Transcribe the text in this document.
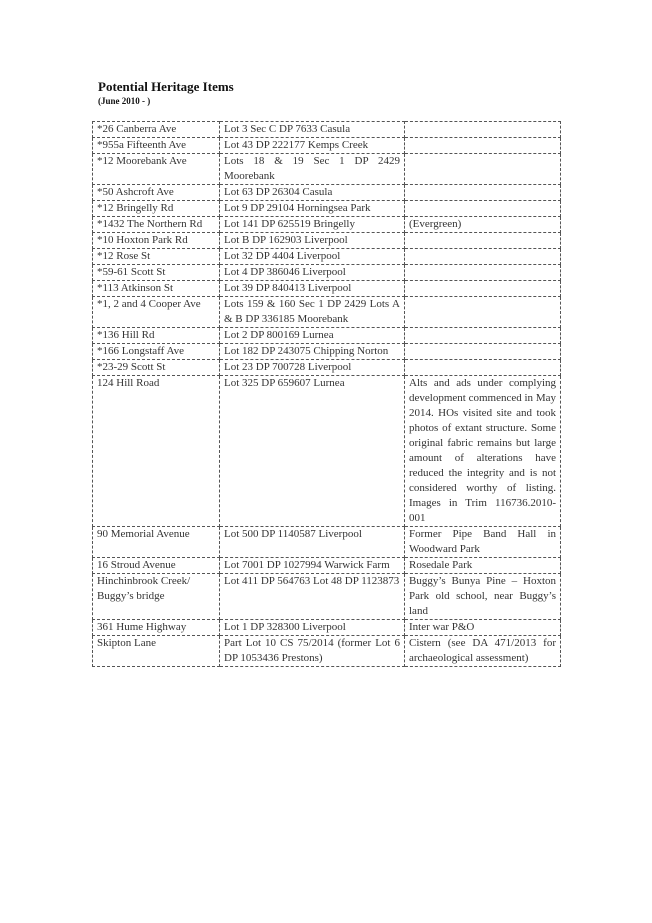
Potential Heritage Items

(June 2010 - )

*26 Canberra Ave	Lot 3 Sec C DP 7633 Casula	
*955a Fifteenth Ave	Lot 43 DP 222177 Kemps Creek	
*12 Moorebank Ave	Lots 18 & 19 Sec 1 DP 2429 Moorebank	
*50 Ashcroft Ave	Lot 63 DP 26304 Casula	
*12 Bringelly Rd	Lot 9 DP 29104 Horningsea Park	
*1432 The Northern Rd	Lot 141 DP 625519 Bringelly	(Evergreen)
*10 Hoxton Park Rd	Lot B DP 162903 Liverpool	
*12 Rose St	Lot 32 DP 4404 Liverpool	
*59-61 Scott St	Lot 4 DP 386046 Liverpool	
*113 Atkinson St	Lot 39 DP 840413 Liverpool	
*1, 2 and 4 Cooper Ave	Lots 159 & 160 Sec 1 DP 2429 Lots A & B DP 336185 Moorebank	
*136 Hill Rd	Lot 2 DP 800169 Lurnea	
*166 Longstaff Ave	Lot 182 DP 243075 Chipping Norton	
*23-29 Scott St	Lot 23 DP 700728 Liverpool	
124 Hill Road	Lot 325 DP 659607 Lurnea	Alts and ads under complying development commenced in May 2014. HOs visited site and took photos of extant structure. Some original fabric remains but large amount of alterations have reduced the integrity and is not considered worthy of listing. Images in Trim 116736.2010-001
90 Memorial Avenue	Lot 500 DP 1140587 Liverpool	Former Pipe Band Hall in Woodward Park
16 Stroud Avenue	Lot 7001 DP 1027994 Warwick Farm	Rosedale Park
Hinchinbrook Creek/ Buggy’s bridge	Lot 411 DP 564763 Lot 48 DP 1123873	Buggy’s Bunya Pine – Hoxton Park old school, near Buggy’s land
361 Hume Highway	Lot 1 DP 328300 Liverpool	Inter war P&O
Skipton Lane	Part Lot 10 CS 75/2014 (former Lot 6 DP 1053436 Prestons)	Cistern (see DA 471/2013 for archaeological assessment)
